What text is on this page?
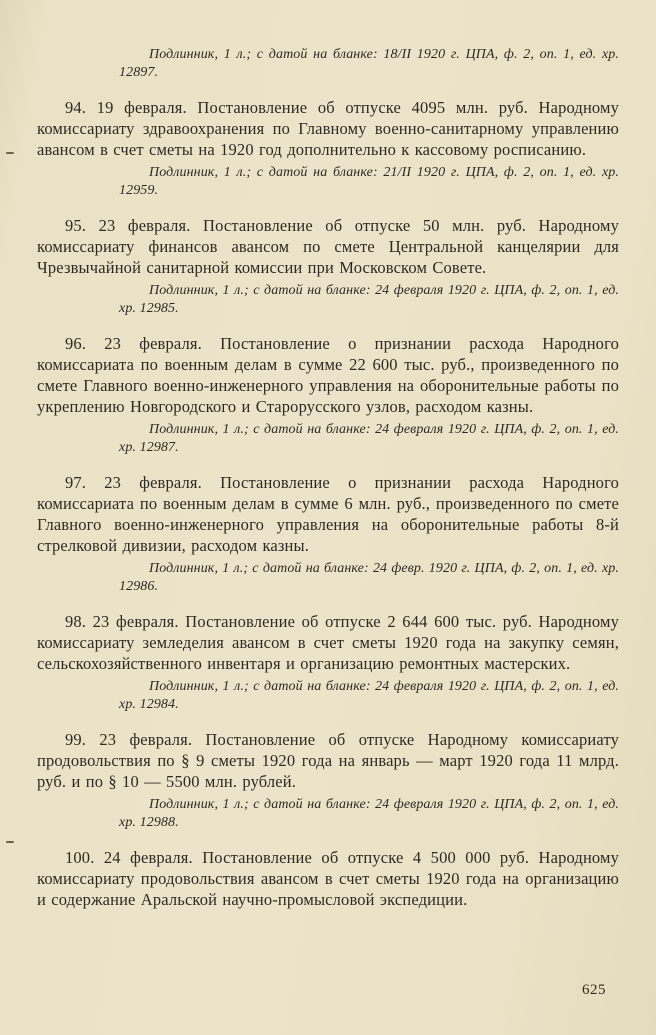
Подлинник, 1 л.; с датой на бланке: 18/II 1920 г. ЦПА, ф. 2, оп. 1, ед. хр. 12897.

94. 19 февраля. Постановление об отпуске 4095 млн. руб. Народному комиссариату здравоохранения по Главному военно-санитарному управлению авансом в счет сметы на 1920 год дополнительно к кассовому росписанию.

Подлинник, 1 л.; с датой на бланке: 21/II 1920 г. ЦПА, ф. 2, оп. 1, ед. хр. 12959.

95. 23 февраля. Постановление об отпуске 50 млн. руб. Народному комиссариату финансов авансом по смете Центральной канцелярии для Чрезвычайной санитарной комиссии при Московском Совете.

Подлинник, 1 л.; с датой на бланке: 24 февраля 1920 г. ЦПА, ф. 2, оп. 1, ед. хр. 12985.

96. 23 февраля. Постановление о признании расхода Народного комиссариата по военным делам в сумме 22 600 тыс. руб., произведенного по смете Главного военно-инженерного управления на оборонительные работы по укреплению Новгородского и Старорусского узлов, расходом казны.

Подлинник, 1 л.; с датой на бланке: 24 февраля 1920 г. ЦПА, ф. 2, оп. 1, ед. хр. 12987.

97. 23 февраля. Постановление о признании расхода Народного комиссариата по военным делам в сумме 6 млн. руб., произведенного по смете Главного военно-инженерного управления на оборонительные работы 8-й стрелковой дивизии, расходом казны.

Подлинник, 1 л.; с датой на бланке: 24 февр. 1920 г. ЦПА, ф. 2, оп. 1, ед. хр. 12986.

98. 23 февраля. Постановление об отпуске 2 644 600 тыс. руб. Народному комиссариату земледелия авансом в счет сметы 1920 года на закупку семян, сельскохозяйственного инвентаря и организацию ремонтных мастерских.

Подлинник, 1 л.; с датой на бланке: 24 февраля 1920 г. ЦПА, ф. 2, оп. 1, ед. хр. 12984.

99. 23 февраля. Постановление об отпуске Народному комиссариату продовольствия по § 9 сметы 1920 года на январь — март 1920 года 11 млрд. руб. и по § 10 — 5500 млн. рублей.

Подлинник, 1 л.; с датой на бланке: 24 февраля 1920 г. ЦПА, ф. 2, оп. 1, ед. хр. 12988.

100. 24 февраля. Постановление об отпуске 4 500 000 руб. Народному комиссариату продовольствия авансом в счет сметы 1920 года на организацию и содержание Аральской научно-промысловой экспедиции.

625
